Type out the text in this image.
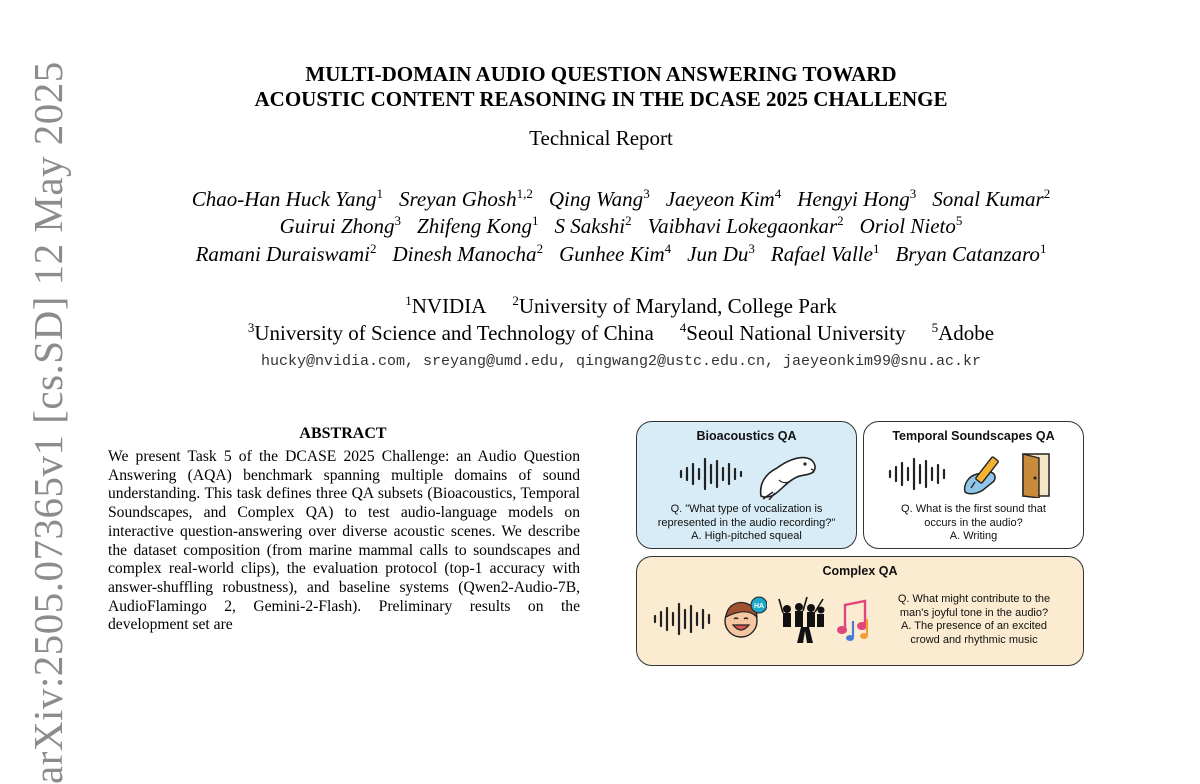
arXiv:2505.07365v1 [cs.SD] 12 May 2025	MULTI-DOMAIN AUDIO QUESTION ANSWERING TOWARD
ACOUSTIC CONTENT REASONING IN THE DCASE 2025 CHALLENGE
Technical Report
Chao-Han Huck Yang$^1$ Sreyan Ghosh$^{1,2}$ Qing Wang$^3$ Jaeyeon Kim$^4$ Hengyi Hong$^3$ Sonal Kumar$^2$
Guirui Zhong$^3$ Zhifeng Kong$^1$ S Sakshi$^2$ Vaibhavi Lokegaonkar$^2$ Oriol Nieto$^5$
Ramani Duraiswami$^2$ Dinesh Manocha$^2$ Gunhee Kim$^4$ Jun Du$^3$ Rafael Valle$^1$ Bryan Catanzaro$^1$
$^1$NVIDIA $^2$University of Maryland, College Park
$^3$University of Science and Technology of China $^4$Seoul National University $^5$Adobe
hucky@nvidia.com, sreyang@umd.edu, qingwang2@ustc.edu.cn, jaeyeonkim99@snu.ac.kr
ABSTRACT
We present Task 5 of the DCASE 2025 Challenge: an Audio Question Answering (AQA) benchmark spanning multiple domains of sound understanding. This task defines three QA subsets (Bioacoustics, Temporal Soundscapes, and Complex QA) to test audio-language models on interactive question-answering over diverse acoustic scenes. We describe the dataset composition (from marine mammal calls to soundscapes and complex real-world clips), the evaluation protocol (top-1 accuracy with answer-shuffling robustness), and baseline systems (Qwen2-Audio-7B, AudioFlamingo 2, Gemini-2-Flash). Preliminary results on the development set are
Bioacoustics QA
Q. "What type of vocalization is
represented in the audio recording?"
A. High-pitched squeal
Temporal Soundscapes QA
Q. What is the first sound that
occurs in the audio?
A. Writing
Complex QA
HA
Q. What might contribute to the
man's joyful tone in the audio?
A. The presence of an excited
crowd and rhythmic music
